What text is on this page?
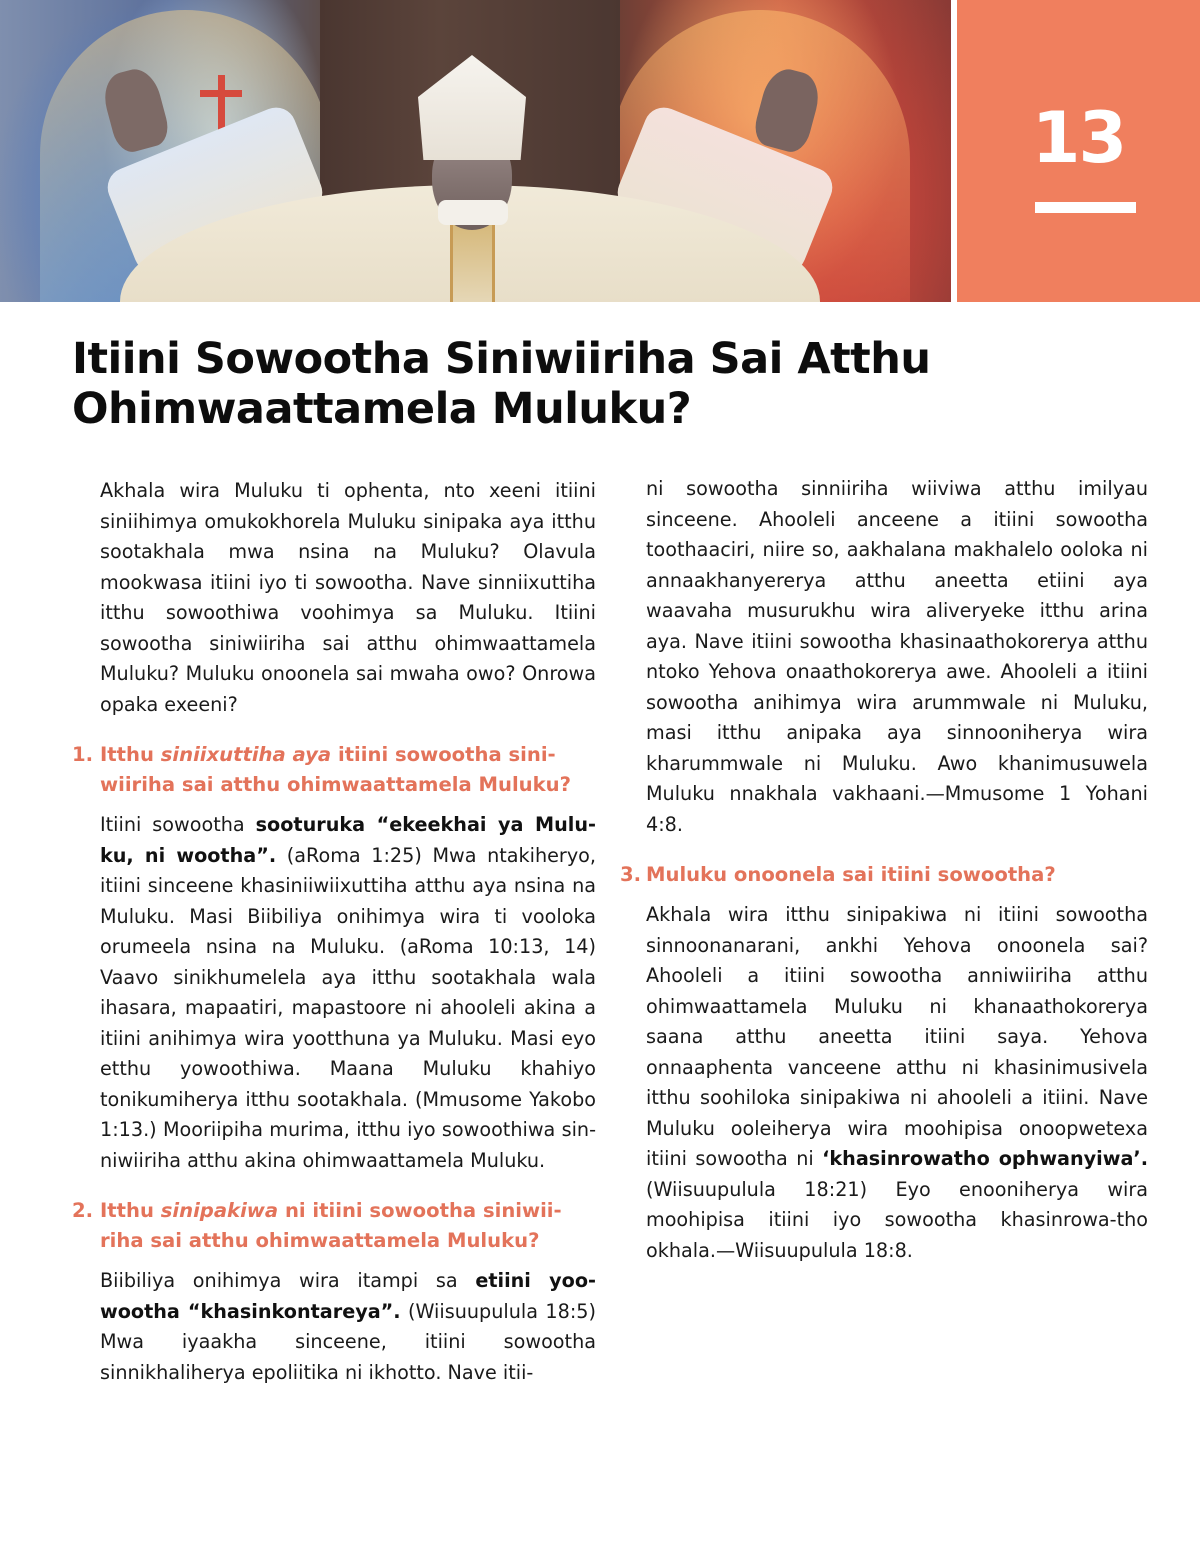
13
Itiini Sowootha Siniwiiriha Sai Atthu
Ohimwaattamela Muluku?

Akhala wira Muluku ti ophenta, nto xeeni itiini siniihimya omukokhorela Muluku sinipaka aya itthu sootakhala mwa nsina na Muluku? Olavula mookwasa itiini iyo ti sowootha. Nave sinniixuttiha itthu sowoothiwa voohimya sa Muluku. Itiini sowootha siniwiiriha sai atthu ohimwaattamela Muluku? Muluku onoonela sai mwaha owo? Onrowa opaka exeeni?

1. Itthu siniixuttiha aya itiini sowootha siniwiiriha sai atthu ohimwaattamela Muluku?

Itiini sowootha sooturuka “ekeekhai ya Muluku, ni wootha”. (aRoma 1:25) Mwa ntakiheryo, itiini sinceene khasiniiwiixuttiha atthu aya nsina na Muluku. Masi Biibiliya onihimya wira ti vooloka orumeela nsina na Muluku. (aRoma 10:13, 14) Vaavo sinikhumelela aya itthu sootakhala wala ihasara, mapaatiri, mapastoore ni ahooleli akina a itiini anihimya wira yootthuna ya Muluku. Masi eyo etthu yowoothiwa. Maana Muluku khahiyo tonikumiherya itthu sootakhala. (Mmusome Yakobo 1:13.) Mooriipiha murima, itthu iyo sowoothiwa sinniwiiriha atthu akina ohimwaattamela Muluku.

2. Itthu sinipakiwa ni itiini sowootha siniwiiriha sai atthu ohimwaattamela Muluku?

Biibiliya onihimya wira itampi sa etiini yoowootha “khasinkontareya”. (Wiisuupulula 18:5) Mwa iyaakha sinceene, itiini sowootha sinnikhaliherya epoliitika ni ikhotto. Nave itii-

ni sowootha sinniiriha wiiviwa atthu imilyau sinceene. Ahooleli anceene a itiini sowootha toothaaciri, niire so, aakhalana makhalelo ooloka ni annaakhanyererya atthu aneetta etiini aya waavaha musurukhu wira aliveryeke itthu arina aya. Nave itiini sowootha khasinaathokorerya atthu ntoko Yehova onaathokorerya awe. Ahooleli a itiini sowootha anihimya wira arummwale ni Muluku, masi itthu anipaka aya sinnooniherya wira kharummwale ni Muluku. Awo khanimusuwela Muluku nnakhala vakhaani.—Mmusome 1 Yohani 4:8.

3. Muluku onoonela sai itiini sowootha?

Akhala wira itthu sinipakiwa ni itiini sowootha sinnoonanarani, ankhi Yehova onoonela sai? Ahooleli a itiini sowootha anniwiiriha atthu ohimwaattamela Muluku ni khanaathokorerya saana atthu aneetta itiini saya. Yehova onnaaphenta vanceene atthu ni khasinimusivela itthu soohiloka sinipakiwa ni ahooleli a itiini. Nave Muluku ooleiherya wira moohipisa onoopwetexa itiini sowootha ni ‘khasinrowatho ophwanyiwa’. (Wiisuupulula 18:21) Eyo enooniherya wira moohipisa itiini iyo sowootha khasinrowa-tho okhala.—Wiisuupulula 18:8.
